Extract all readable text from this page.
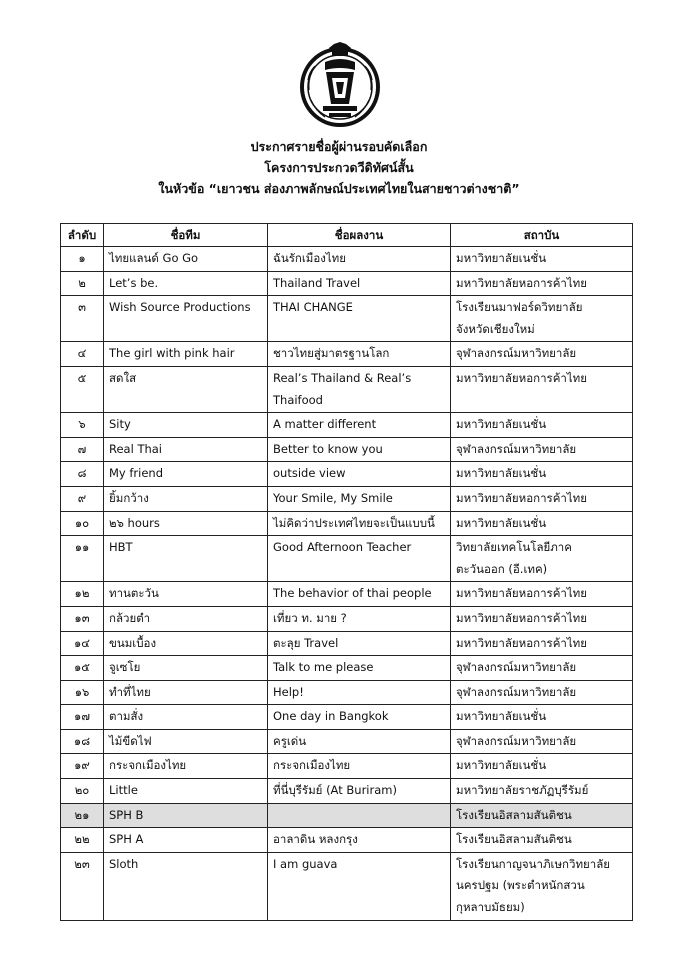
ประกาศรายชื่อผู้ผ่านรอบคัดเลือก
โครงการประกวดวีดิทัศน์สั้น
ในหัวข้อ “เยาวชน ส่องภาพลักษณ์ประเทศไทยในสายชาวต่างชาติ”
ลำดับ	ชื่อทีม	ชื่อผลงาน	สถาบัน
๑	ไทยแลนด์ Go Go	ฉันรักเมืองไทย	มหาวิทยาลัยเนชั่น

๒	Let’s be.	Thailand Travel	มหาวิทยาลัยหอการค้าไทย

๓	Wish Source Productions	THAI CHANGE	โรงเรียนมาฟอร์ดวิทยาลัย
จังหวัดเชียงใหม่

๔	The girl with pink hair	ชาวไทยสู่มาตรฐานโลก	จุฬาลงกรณ์มหาวิทยาลัย

๕	สดใส	Real’s Thailand & Real’s Thaifood	มหาวิทยาลัยหอการค้าไทย

๖	Sity	A matter different	มหาวิทยาลัยเนชั่น

๗	Real Thai	Better to know you	จุฬาลงกรณ์มหาวิทยาลัย

๘	My friend	outside view	มหาวิทยาลัยเนชั่น

๙	ยิ้มกว้าง	Your Smile, My Smile	มหาวิทยาลัยหอการค้าไทย

๑๐	๒๖ hours	ไม่คิดว่าประเทศไทยจะเป็นแบบนี้	มหาวิทยาลัยเนชั่น

๑๑	HBT	Good Afternoon Teacher	วิทยาลัยเทคโนโลยีภาค
ตะวันออก (อี.เทค)

๑๒	ทานตะวัน	The behavior of thai people	มหาวิทยาลัยหอการค้าไทย

๑๓	กล้วยตำ	เที่ยว ท. มาย ?	มหาวิทยาลัยหอการค้าไทย

๑๔	ขนมเบื้อง	ตะลุย Travel	มหาวิทยาลัยหอการค้าไทย

๑๕	จูเซโย	Talk to me please	จุฬาลงกรณ์มหาวิทยาลัย

๑๖	ทำที่ไทย	Help!	จุฬาลงกรณ์มหาวิทยาลัย

๑๗	ตามสั่ง	One day in Bangkok	มหาวิทยาลัยเนชั่น

๑๘	ไม้ขีดไฟ	ครูเด่น	จุฬาลงกรณ์มหาวิทยาลัย

๑๙	กระจกเมืองไทย	กระจกเมืองไทย	มหาวิทยาลัยเนชั่น

๒๐	Little	ที่นี่บุรีรัมย์ (At Buriram)	มหาวิทยาลัยราชภัฏบุรีรัมย์

๒๑	SPH B		โรงเรียนอิสลามสันติชน

๒๒	SPH A	อาลาดิน หลงกรุง	โรงเรียนอิสลามสันติชน

๒๓	Sloth	I am guava	โรงเรียนกาญจนาภิเษกวิทยาลัย
นครปฐม (พระตำหนักสวน
กุหลาบมัธยม)
